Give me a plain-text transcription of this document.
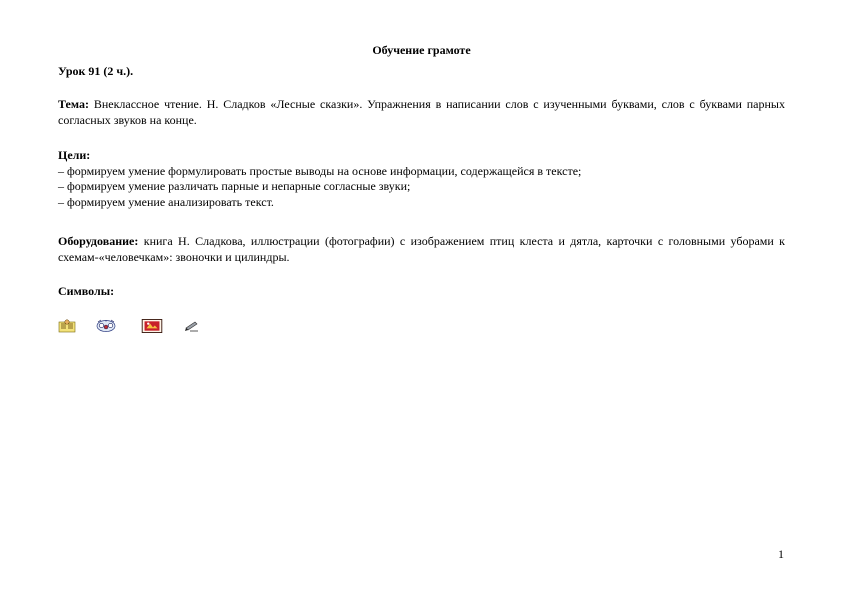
Обучение грамоте
Урок 91 (2 ч.).
Тема: Внеклассное чтение. Н. Сладков «Лесные сказки». Упражнения в написании слов с изученными буквами, слов с буквами парных согласных звуков на конце.
Цели:
– формируем умение формулировать простые выводы на основе информации, содержащейся в тексте;
– формируем умение различать парные и непарные согласные звуки;
– формируем умение анализировать текст.
Оборудование: книга Н. Сладкова, иллюстрации (фотографии) с изображением птиц клеста и дятла, карточки с головными уборами к схемам-«человечкам»: звоночки и цилиндры.
Символы:
1
